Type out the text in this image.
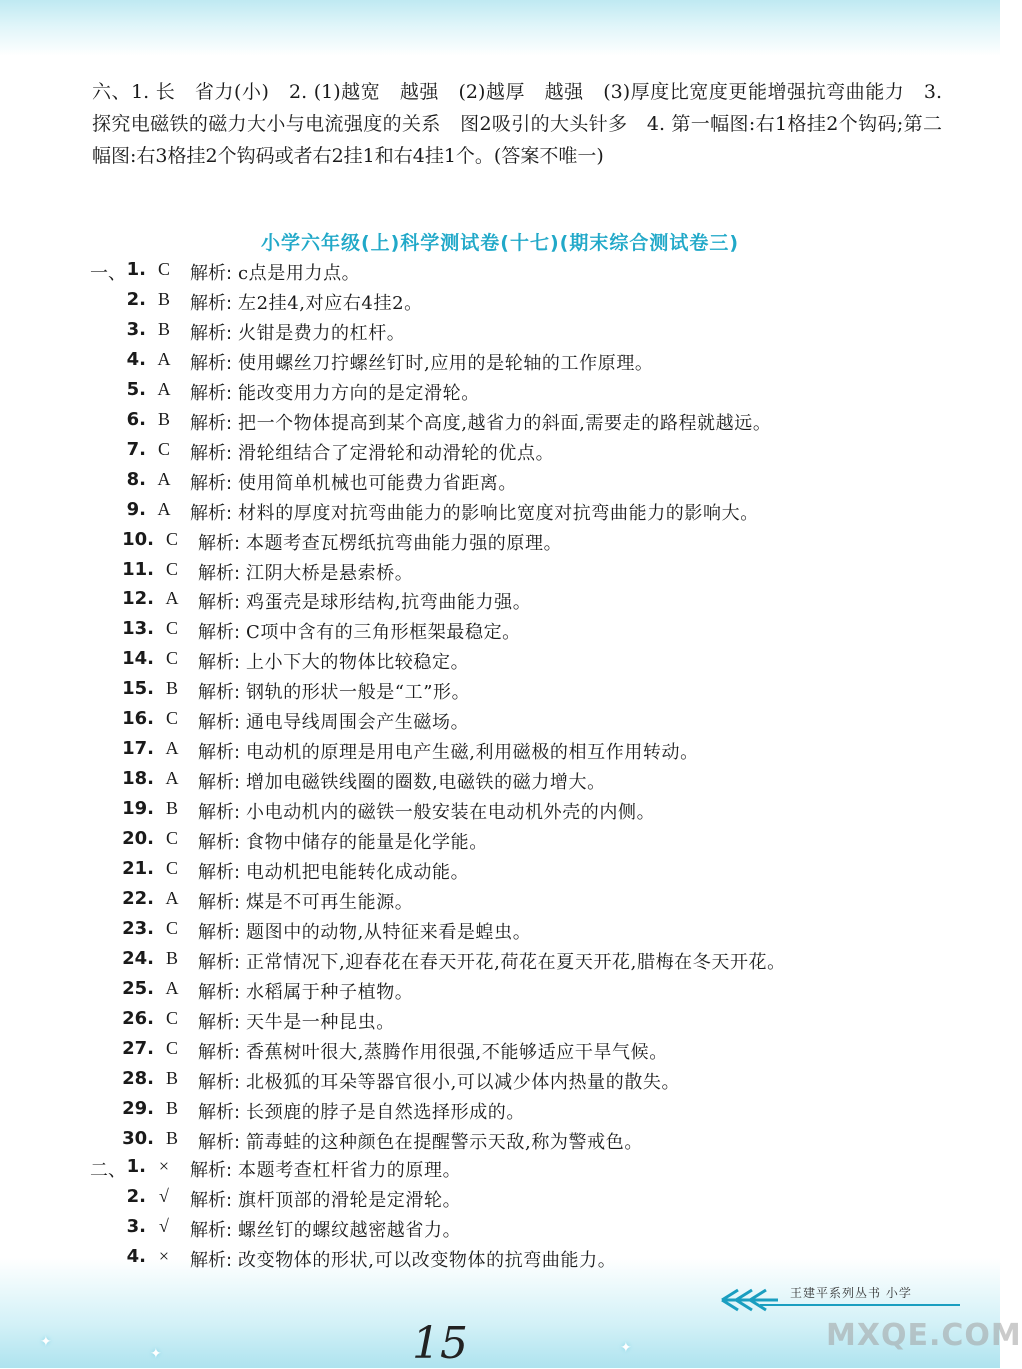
✦
✦	✦
六、1. 长　省力(小)　2. (1)越宽　越强　(2)越厚　越强　(3)厚度比宽度更能增强抗弯曲能力　3. 探究电磁铁的磁力大小与电流强度的关系　图2吸引的大头针多　4. 第一幅图:右1格挂2个钩码;第二幅图:右3格挂2个钩码或者右2挂1和右4挂1个。(答案不唯一)
小学六年级(上)科学测试卷(十七)(期末综合测试卷三)
1. C	解析: c点是用力点。
2. B	解析: 左2挂4,对应右4挂2。
3. B	解析: 火钳是费力的杠杆。
4. A	解析: 使用螺丝刀拧螺丝钉时,应用的是轮轴的工作原理。
5. A	解析: 能改变用力方向的是定滑轮。
6. B	解析: 把一个物体提高到某个高度,越省力的斜面,需要走的路程就越远。
7. C	解析: 滑轮组结合了定滑轮和动滑轮的优点。
8. A	解析: 使用简单机械也可能费力省距离。
9. A	解析: 材料的厚度对抗弯曲能力的影响比宽度对抗弯曲能力的影响大。
10. C	解析: 本题考查瓦楞纸抗弯曲能力强的原理。
11. C	解析: 江阴大桥是悬索桥。
12. A	解析: 鸡蛋壳是球形结构,抗弯曲能力强。
13. C	解析: C项中含有的三角形框架最稳定。
14. C	解析: 上小下大的物体比较稳定。
15. B	解析: 钢轨的形状一般是“工”形。
16. C	解析: 通电导线周围会产生磁场。
17. A	解析: 电动机的原理是用电产生磁,利用磁极的相互作用转动。
18. A	解析: 增加电磁铁线圈的圈数,电磁铁的磁力增大。
19. B	解析: 小电动机内的磁铁一般安装在电动机外壳的内侧。
20. C	解析: 食物中储存的能量是化学能。
21. C	解析: 电动机把电能转化成动能。
22. A	解析: 煤是不可再生能源。
23. C	解析: 题图中的动物,从特征来看是蝗虫。
24. B	解析: 正常情况下,迎春花在春天开花,荷花在夏天开花,腊梅在冬天开花。
25. A	解析: 水稻属于种子植物。
26. C	解析: 天牛是一种昆虫。
27. C	解析: 香蕉树叶很大,蒸腾作用很强,不能够适应干旱气候。
28. B	解析: 北极狐的耳朵等器官很小,可以减少体内热量的散失。
29. B	解析: 长颈鹿的脖子是自然选择形成的。
30. B	解析: 箭毒蛙的这种颜色在提醒警示天敌,称为警戒色。
1. ×	解析: 本题考查杠杆省力的原理。
2. √	解析: 旗杆顶部的滑轮是定滑轮。
3. √	解析: 螺丝钉的螺纹越密越省力。
4. ×	解析: 改变物体的形状,可以改变物体的抗弯曲能力。
王建平系列丛书 小学
15	MXQE.COM
一、
二、
